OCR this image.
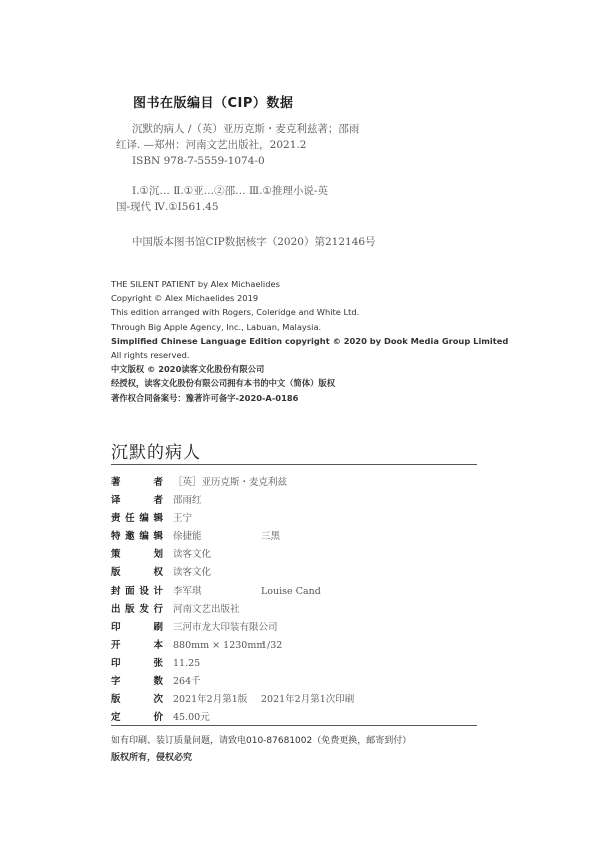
图书在版编目（CIP）数据

沉默的病人 /（英）亚历克斯・麦克利兹著；邵雨

红译. —郑州：河南文艺出版社，2021.2

ISBN 978-7-5559-1074-0

Ⅰ.①沉… Ⅱ.①亚…②邵… Ⅲ.①推理小说-英

国-现代 Ⅳ.①I561.45

中国版本图书馆CIP数据核字（2020）第212146号

THE SILENT PATIENT by Alex Michaelides

Copyright © Alex Michaelides 2019

This edition arranged with Rogers, Coleridge and White Ltd.

Through Big Apple Agency, Inc., Labuan, Malaysia.

Simplified Chinese Language Edition copyright © 2020 by Dook Media Group Limited

All rights reserved.

中文版权 © 2020读客文化股份有限公司

经授权，读客文化股份有限公司拥有本书的中文（简体）版权

著作权合同备案号：豫著许可备字-2020-A-0186

沉默的病人
著者 ［英］亚历克斯・麦克利兹
译者 邵雨红
责任编辑 王宁
特邀编辑 徐捷能	三黑
策划 读客文化
版权 读客文化
封面设计 李军琪	Louise Cand
出版发行 河南文艺出版社
印刷 三河市龙大印装有限公司
开本 880mm × 1230mm
1/32
印张 11.25
字数 264千
版次 2021年2月第1版 2021年2月第1次印刷
定价 45.00元

如有印刷、装订质量问题，请致电010-87681002（免费更换，邮寄到付）

版权所有，侵权必究
